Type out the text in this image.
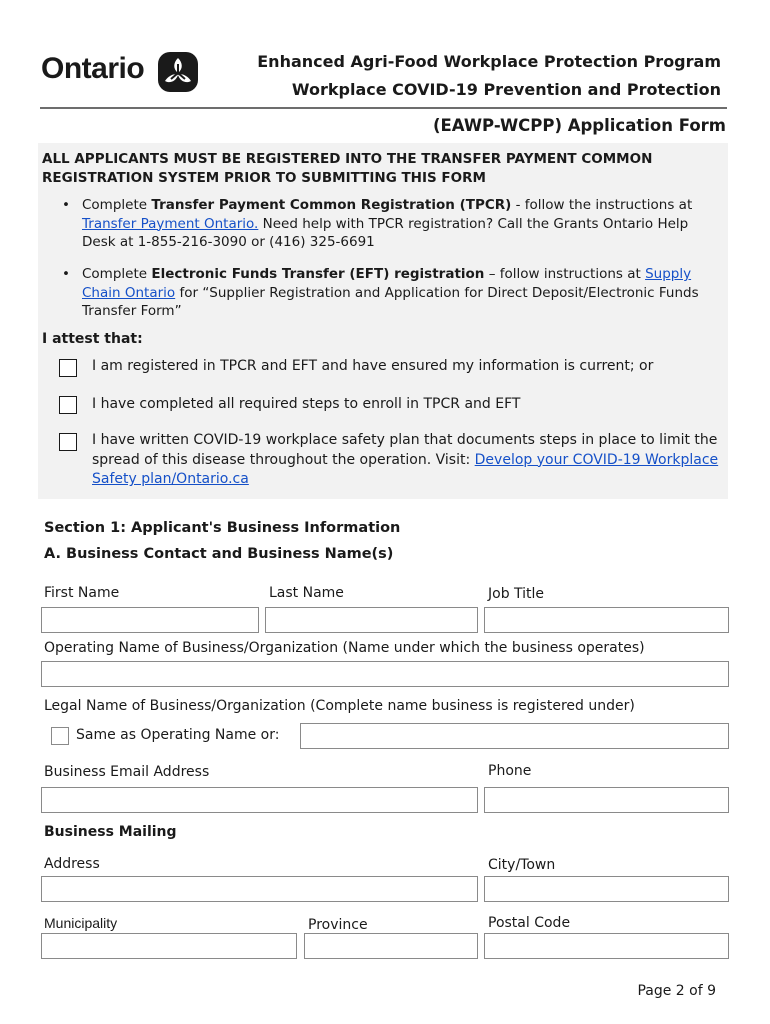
Ontario	Enhanced Agri-Food Workplace Protection Program
Workplace COVID-19 Prevention and Protection
(EAWP-WCPP) Application Form
ALL APPLICANTS MUST BE REGISTERED INTO THE TRANSFER PAYMENT COMMON
REGISTRATION SYSTEM PRIOR TO SUBMITTING THIS FORM
• Complete Transfer Payment Common Registration (TPCR) - follow the instructions at Transfer Payment Ontario. Need help with TPCR registration? Call the Grants Ontario Help Desk at 1-855-216-3090 or (416) 325-6691
• Complete Electronic Funds Transfer (EFT) registration – follow instructions at Supply Chain Ontario for “Supplier Registration and Application for Direct Deposit/Electronic Funds Transfer Form”
I attest that:
I am registered in TPCR and EFT and have ensured my information is current; or
I have completed all required steps to enroll in TPCR and EFT
I have written COVID-19 workplace safety plan that documents steps in place to limit the spread of this disease throughout the operation. Visit: Develop your COVID-19 Workplace Safety plan/Ontario.ca
Section 1: Applicant's Business Information
A. Business Contact and Business Name(s)
First Name	Last Name	Job Title
Operating Name of Business/Organization (Name under which the business operates)
Legal Name of Business/Organization (Complete name business is registered under)
Same as Operating Name or:
Business Email Address	Phone
Business Mailing
Address	City/Town
Municipality	Province	Postal Code
Page 2 of 9
